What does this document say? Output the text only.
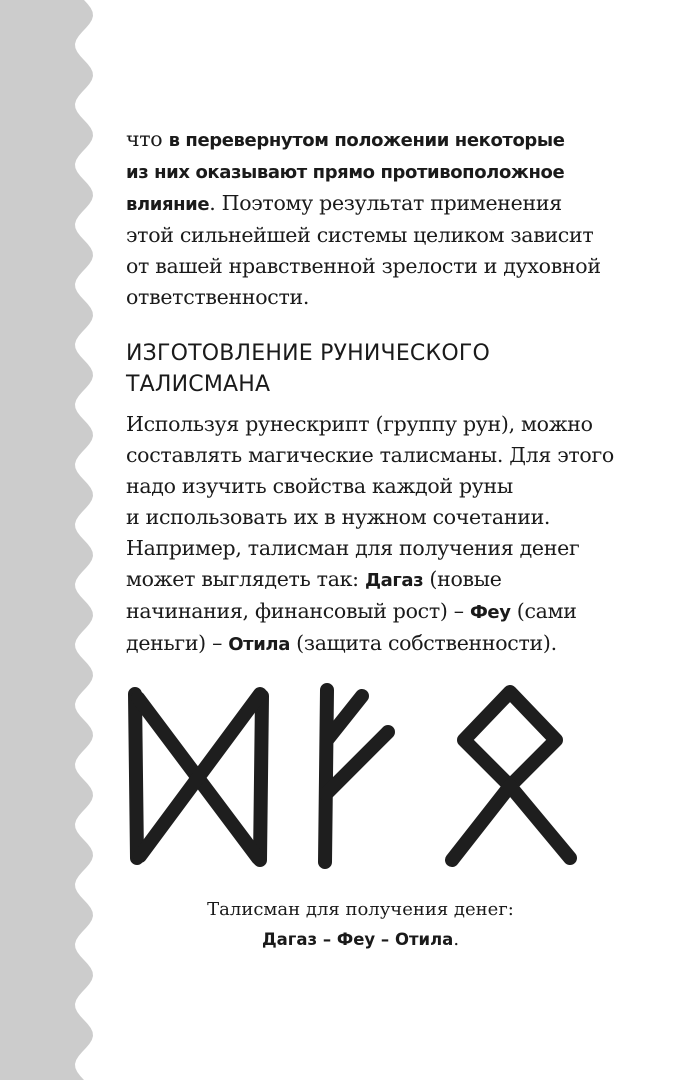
что в перевернутом положении некоторые
из них оказывают прямо противоположное
влияние. Поэтому результат применения
этой сильнейшей системы целиком зависит
от вашей нравственной зрелости и духовной
ответственности.
ИЗГОТОВЛЕНИЕ РУНИЧЕСКОГО
ТАЛИСМАНА
Используя рунескрипт (группу рун), можно
составлять магические талисманы. Для этого
надо изучить свойства каждой руны
и использовать их в нужном сочетании.
Например, талисман для получения денег
может выглядеть так: Дагаз (новые
начинания, финансовый рост) – Феу (сами
деньги) – Отила (защита собственности).
Талисман для получения денег:
Дагаз – Феу – Отила.
